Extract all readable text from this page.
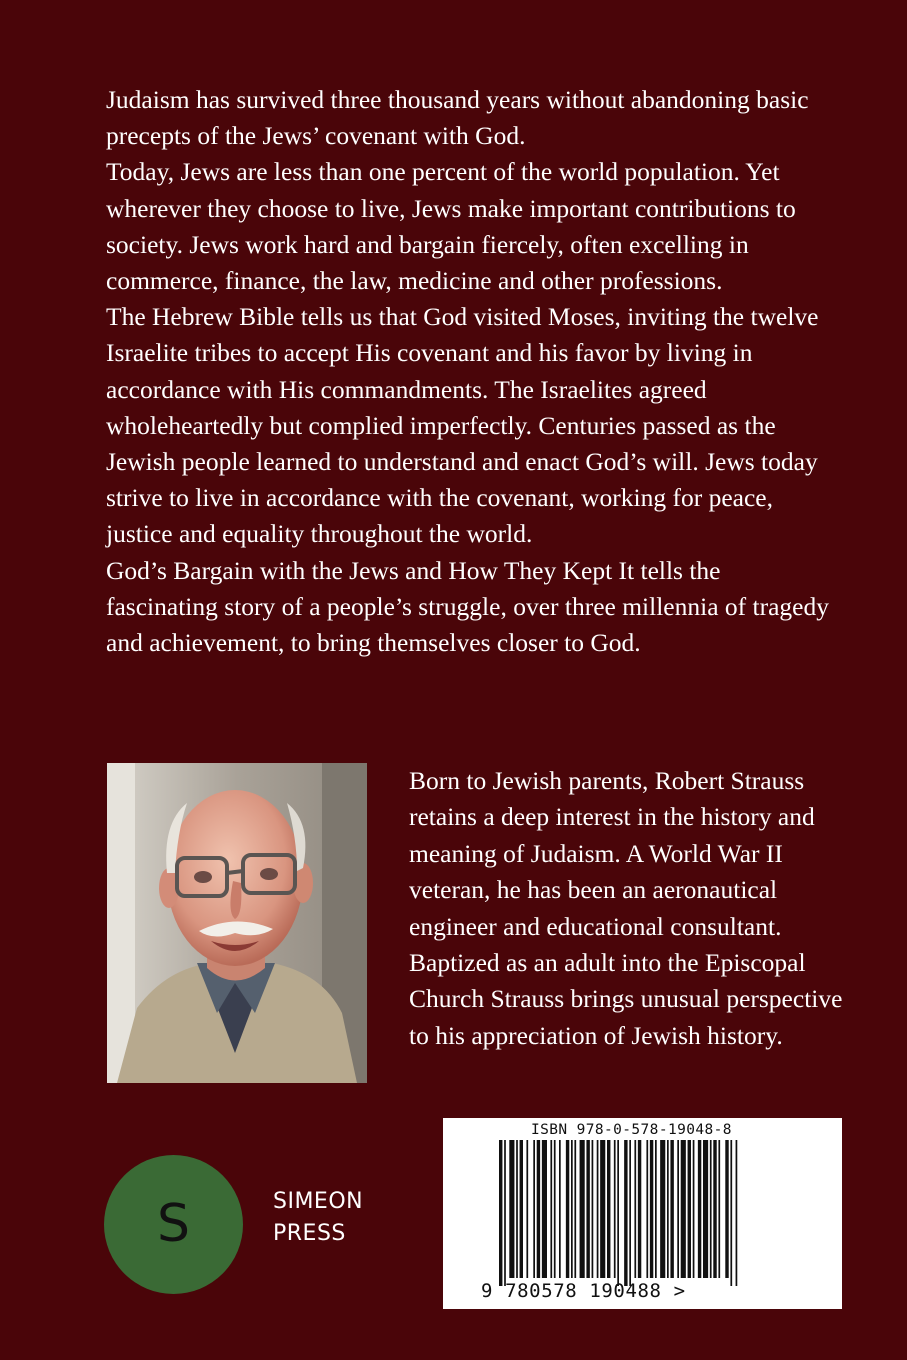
Judaism has survived three thousand years without abandoning basic precepts of the Jews’ covenant with God.

Today, Jews are less than one percent of the world population. Yet wherever they choose to live, Jews make important contributions to society. Jews work hard and bargain fiercely, often excelling in commerce, finance, the law, medicine and other professions.

The Hebrew Bible tells us that God visited Moses, inviting the twelve Israelite tribes to accept His covenant and his favor by living in accordance with His commandments. The Israelites agreed wholeheartedly but complied imperfectly. Centuries passed as the Jewish people learned to understand and enact God’s will. Jews today strive to live in accordance with the covenant, working for peace, justice and equality throughout the world.

God’s Bargain with the Jews and How They Kept It tells the fascinating story of a people’s struggle, over three millennia of tragedy and achievement, to bring themselves closer to God.

Born to Jewish parents, Robert Strauss retains a deep interest in the history and meaning of Judaism. A World War II veteran, he has been an aeronautical engineer and educational consultant. Baptized as an adult into the Episcopal Church Strauss brings unusual perspective to his appreciation of Jewish history.

S	SIMEON
PRESS
ISBN 978-0-578-19048-8
9 780578 190488 >
